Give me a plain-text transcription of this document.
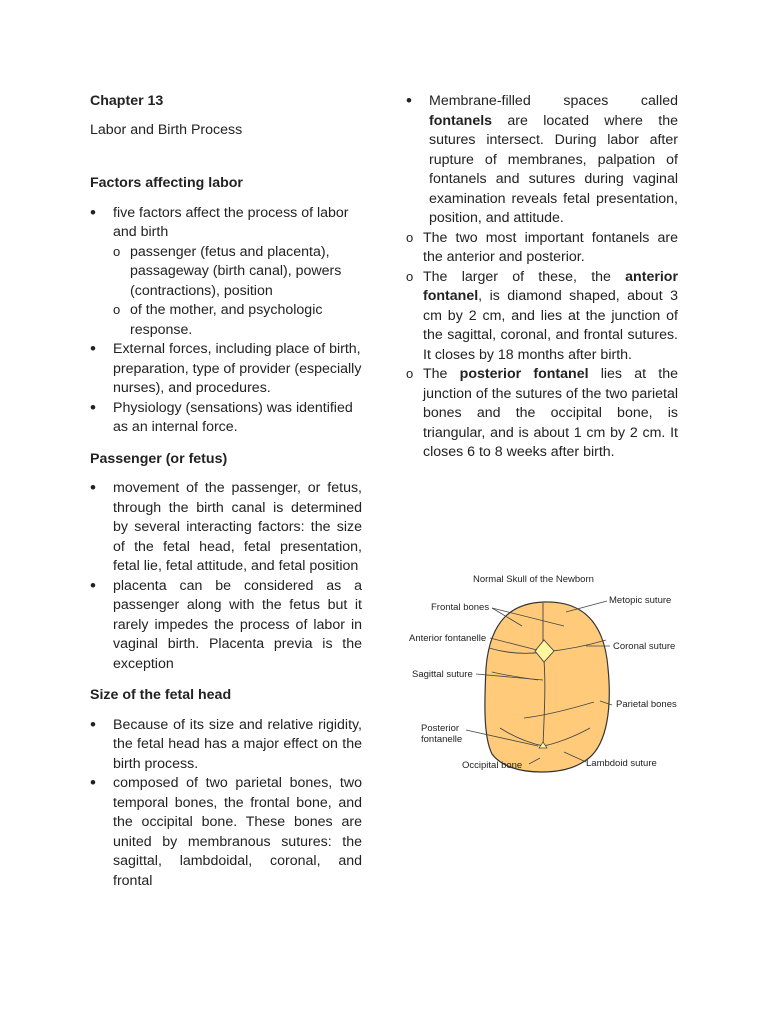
Chapter 13
Labor and Birth Process
Factors affecting labor
• five factors affect the process of labor and birth
o passenger (fetus and placenta), passageway (birth canal), powers (contractions), position
o of the mother, and psychologic response.
• External forces, including place of birth, preparation, type of provider (especially nurses), and procedures.
• Physiology (sensations) was identified as an internal force.
Passenger (or fetus)
• movement of the passenger, or fetus, through the birth canal is determined by several interacting factors: the size of the fetal head, fetal presentation, fetal lie, fetal attitude, and fetal position
• placenta can be considered as a passenger along with the fetus but it rarely impedes the process of labor in vaginal birth. Placenta previa is the exception
Size of the fetal head
• Because of its size and relative rigidity, the fetal head has a major effect on the birth process.
• composed of two parietal bones, two temporal bones, the frontal bone, and the occipital bone. These bones are united by membranous sutures: the sagittal, lambdoidal, coronal, and frontal
• Membrane-filled spaces called fontanels are located where the sutures intersect. During labor after rupture of membranes, palpation of fontanels and sutures during vaginal examination reveals fetal presentation, position, and attitude.
o The two most important fontanels are the anterior and posterior.
o The larger of these, the anterior fontanel, is diamond shaped, about 3 cm by 2 cm, and lies at the junction of the sagittal, coronal, and frontal sutures. It closes by 18 months after birth.
o The posterior fontanel lies at the junction of the sutures of the two parietal bones and the occipital bone, is triangular, and is about 1 cm by 2 cm. It closes 6 to 8 weeks after birth.
Normal Skull of the Newborn
Frontal bones
Metopic suture
Anterior fontanelle
Coronal suture
Sagittal suture
Parietal bones
Posterior
fontanelle
Occipital bone	Lambdoid suture
